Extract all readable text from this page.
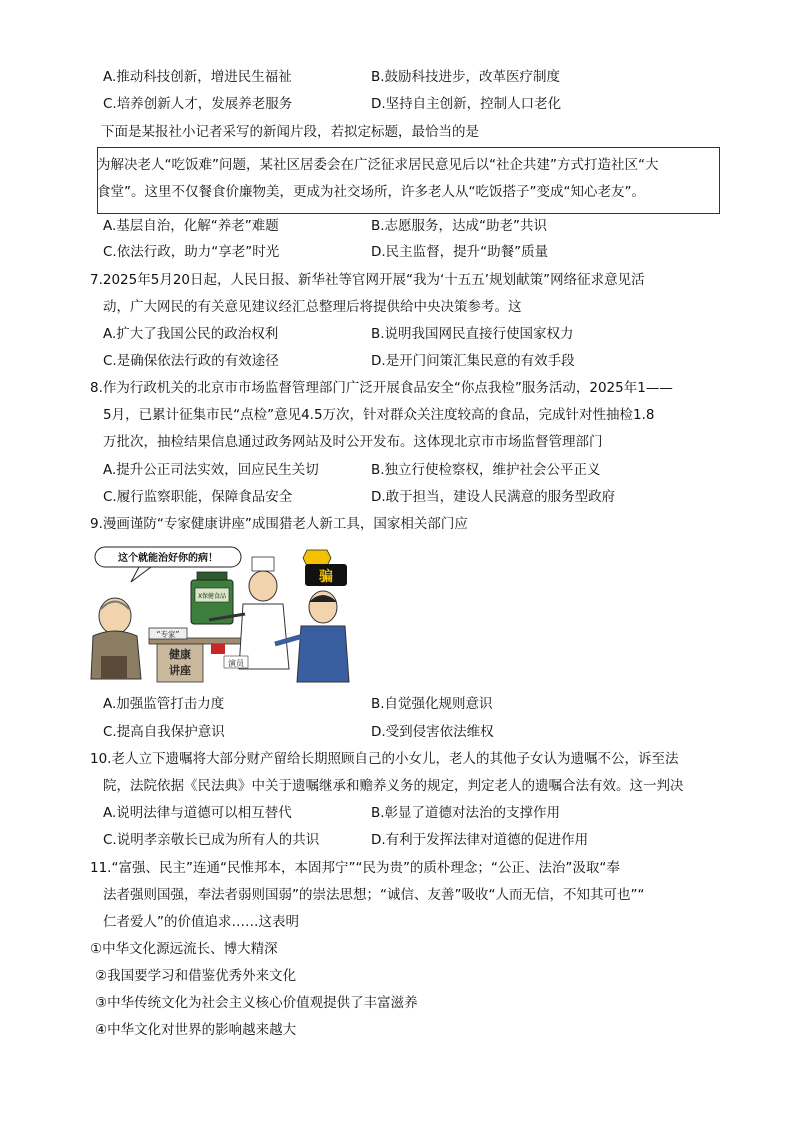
A.推动科技创新，增进民生福祉	B.鼓励科技进步，改革医疗制度
C.培养创新人才，发展养老服务	D.坚持自主创新，控制人口老化
下面是某报社小记者采写的新闻片段，若拟定标题，最恰当的是
为解决老人“吃饭难”问题，某社区居委会在广泛征求居民意见后以“社企共建”方式打造社区“大
食堂”。这里不仅餐食价廉物美，更成为社交场所，许多老人从“吃饭搭子”变成“知心老友”。
A.基层自治，化解“养老”难题	B.志愿服务，达成“助老”共识
C.依法行政，助力“享老”时光	D.民主监督，提升“助餐”质量
7.2025年5月20日起，人民日报、新华社等官网开展“我为‘十五五’规划献策”网络征求意见活
动，广大网民的有关意见建议经汇总整理后将提供给中央决策参考。这
A.扩大了我国公民的政治权利	B.说明我国网民直接行使国家权力
C.是确保依法行政的有效途径	D.是开门问策汇集民意的有效手段
8.作为行政机关的北京市市场监督管理部门广泛开展食品安全“你点我检”服务活动，2025年1——
5月，已累计征集市民“点检”意见4.5万次，针对群众关注度较高的食品，完成针对性抽检1.8
万批次，抽检结果信息通过政务网站及时公开发布。这体现北京市市场监督管理部门
A.提升公正司法实效，回应民生关切	B.独立行使检察权，维护社会公平正义
C.履行监察职能，保障食品安全	D.敢于担当，建设人民满意的服务型政府
9.漫画谨防“专家健康讲座”成围猎老人新工具，国家相关部门应
这个就能治好你的病！
“专家”
健康
讲座
X保健食品
演员
骗
A.加强监管打击力度	B.自觉强化规则意识
C.提高自我保护意识	D.受到侵害依法维权
10.老人立下遗嘱将大部分财产留给长期照顾自己的小女儿，老人的其他子女认为遗嘱不公，诉至法
院，法院依据《民法典》中关于遗嘱继承和赡养义务的规定，判定老人的遗嘱合法有效。这一判决
A.说明法律与道德可以相互替代	B.彰显了道德对法治的支撑作用
C.说明孝亲敬长已成为所有人的共识	D.有利于发挥法律对道德的促进作用
11.“富强、民主”连通“民惟邦本，本固邦宁”“民为贵”的质朴理念；“公正、法治”汲取“奉
法者强则国强，奉法者弱则国弱”的崇法思想；“诚信、友善”吸收“人而无信，不知其可也”“
仁者爱人”的价值追求……这表明
①中华文化源远流长、博大精深
②我国要学习和借鉴优秀外来文化
③中华传统文化为社会主义核心价值观提供了丰富滋养
④中华文化对世界的影响越来越大
